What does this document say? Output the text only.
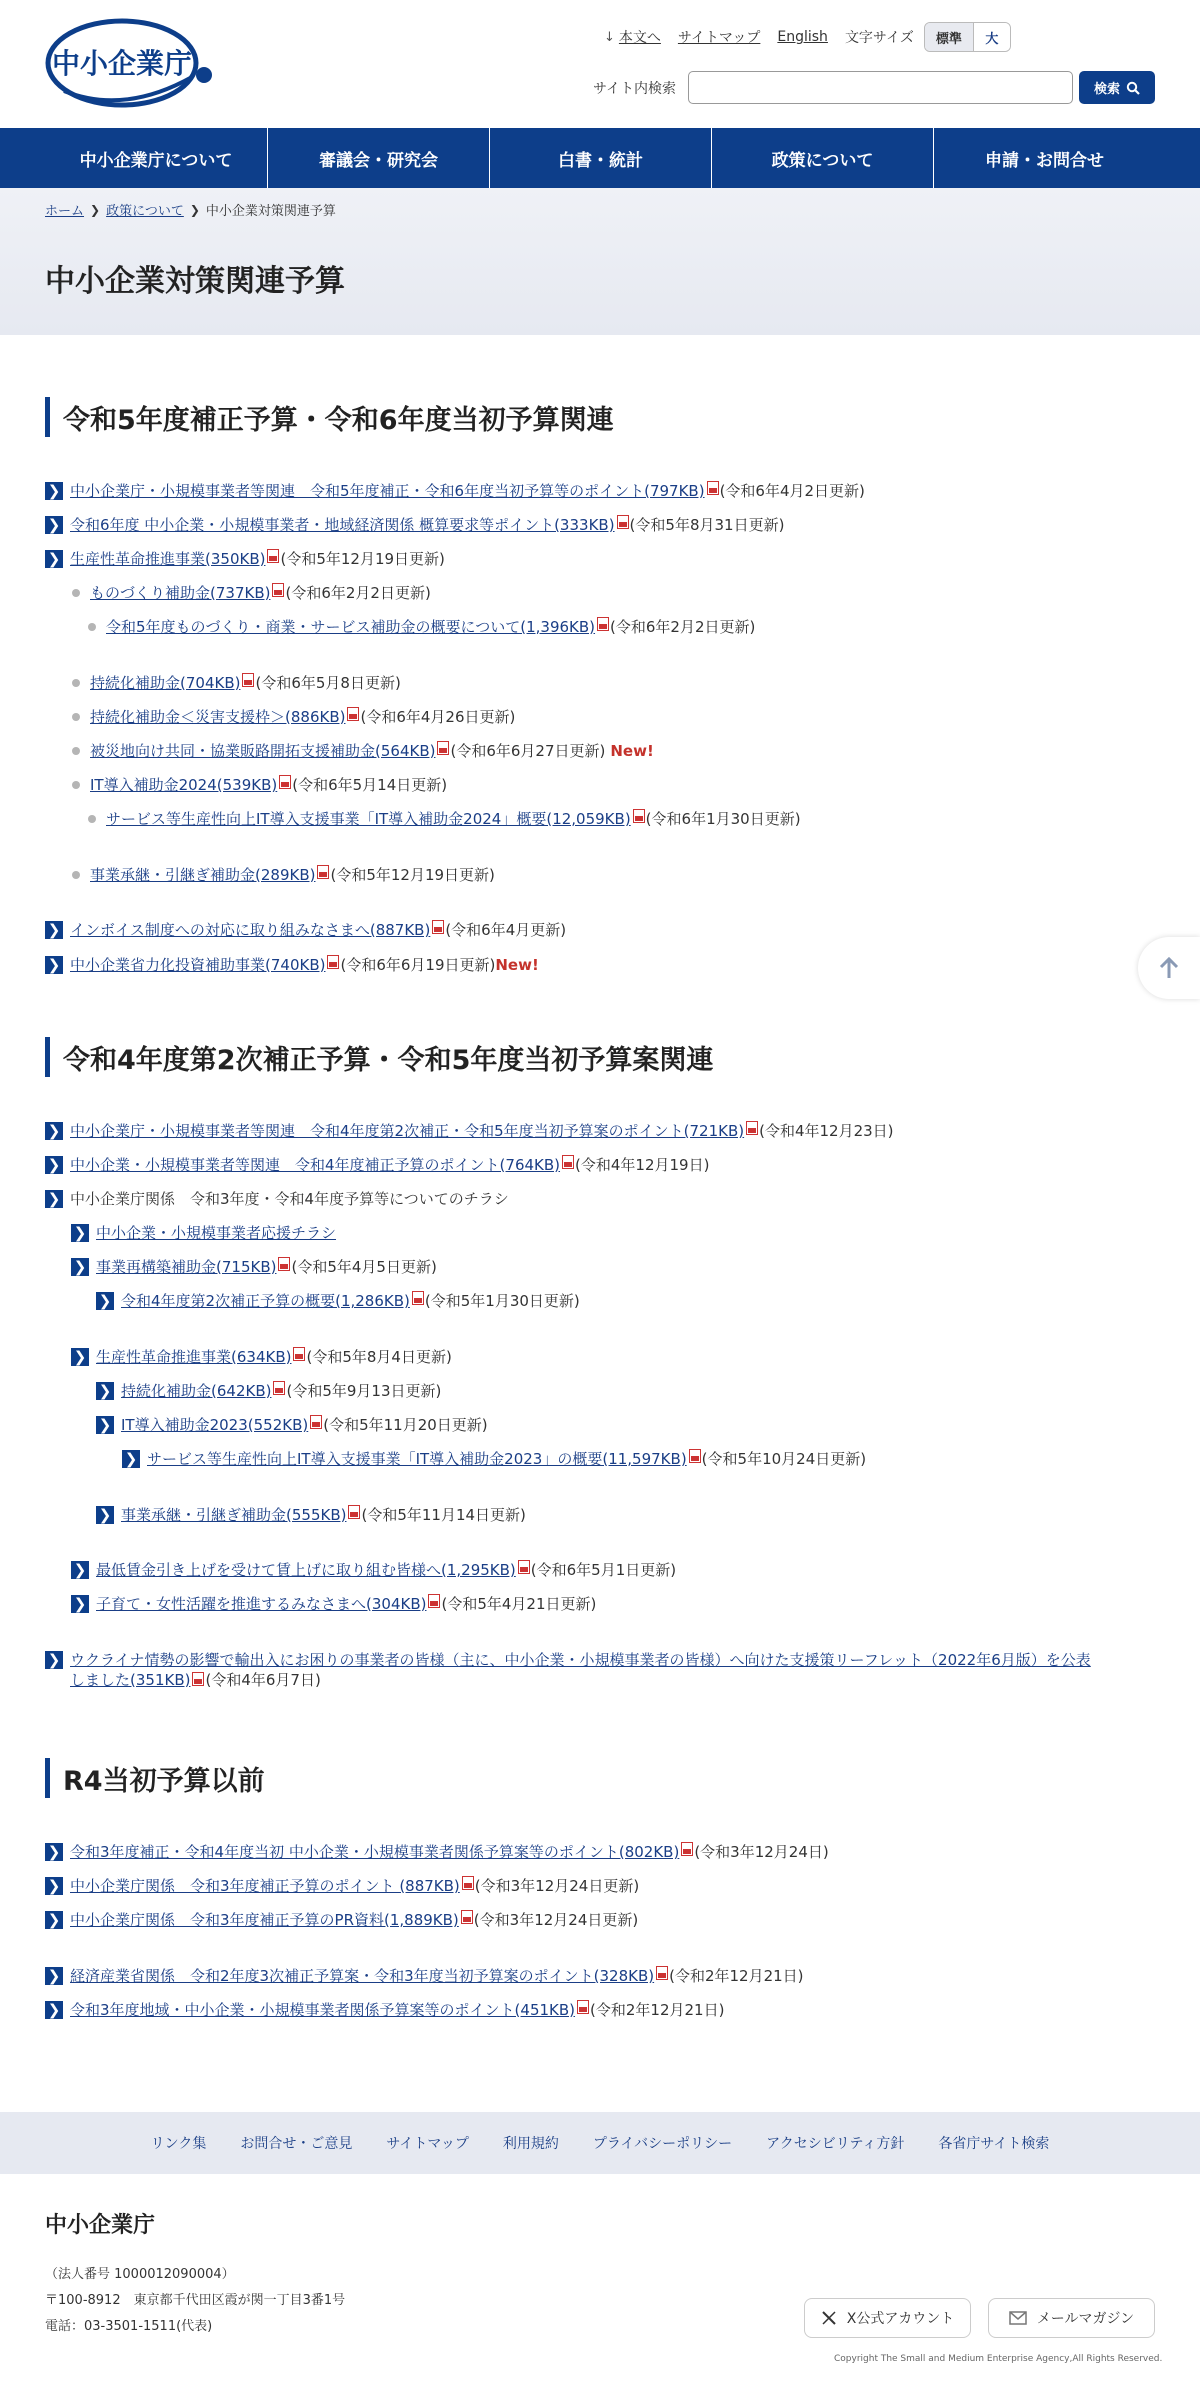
中小企業庁
↓ 本文へ サイトマップ English 文字サイズ	標準	大
サイト内検索	検索
中小企業庁について	審議会・研究会	白書・統計	政策について	申請・お問合せ
ホーム ❯ 政策について ❯ 中小企業対策関連予算
中小企業対策関連予算
令和5年度補正予算・令和6年度当初予算関連
❯ 中小企業庁・小規模事業者等関連　令和5年度補正・令和6年度当初予算等のポイント(797KB) (令和6年4月2日更新)
❯ 令和6年度 中小企業・小規模事業者・地域経済関係 概算要求等ポイント(333KB) (令和5年8月31日更新)
❯ 生産性革命推進事業(350KB) (令和5年12月19日更新)
ものづくり補助金(737KB) (令和6年2月2日更新)
令和5年度ものづくり・商業・サービス補助金の概要について(1,396KB) (令和6年2月2日更新)
持続化補助金(704KB) (令和6年5月8日更新)
持続化補助金＜災害支援枠＞(886KB) (令和6年4月26日更新)
被災地向け共同・協業販路開拓支援補助金(564KB) (令和6年6月27日更新) New!
IT導入補助金2024(539KB) (令和6年5月14日更新)
サービス等生産性向上IT導入支援事業「IT導入補助金2024」概要(12,059KB) (令和6年1月30日更新)
事業承継・引継ぎ補助金(289KB) (令和5年12月19日更新)
❯ インボイス制度への対応に取り組みなさまへ(887KB) (令和6年4月更新)
❯ 中小企業省力化投資補助事業(740KB) (令和6年6月19日更新) New!
令和4年度第2次補正予算・令和5年度当初予算案関連
❯ 中小企業庁・小規模事業者等関連　令和4年度第2次補正・令和5年度当初予算案のポイント(721KB) (令和4年12月23日)
❯ 中小企業・小規模事業者等関連　令和4年度補正予算のポイント(764KB) (令和4年12月19日)
❯ 中小企業庁関係　令和3年度・令和4年度予算等についてのチラシ
❯ 中小企業・小規模事業者応援チラシ
❯ 事業再構築補助金(715KB) (令和5年4月5日更新)
❯ 令和4年度第2次補正予算の概要(1,286KB) (令和5年1月30日更新)
❯ 生産性革命推進事業(634KB) (令和5年8月4日更新)
❯ 持続化補助金(642KB) (令和5年9月13日更新)
❯ IT導入補助金2023(552KB) (令和5年11月20日更新)
❯ サービス等生産性向上IT導入支援事業「IT導入補助金2023」の概要(11,597KB) (令和5年10月24日更新)
❯ 事業承継・引継ぎ補助金(555KB) (令和5年11月14日更新)
❯ 最低賃金引き上げを受けて賃上げに取り組む皆様へ(1,295KB) (令和6年5月1日更新)
❯ 子育て・女性活躍を推進するみなさまへ(304KB) (令和5年4月21日更新)
❯ ウクライナ情勢の影響で輸出入にお困りの事業者の皆様（主に、中小企業・小規模事業者の皆様）へ向けた支援策リーフレット（2022年6月版）を公表
しました(351KB) (令和4年6月7日)
R4当初予算以前
❯ 令和3年度補正・令和4年度当初 中小企業・小規模事業者関係予算案等のポイント(802KB) (令和3年12月24日)
❯ 中小企業庁関係　令和3年度補正予算のポイント (887KB) (令和3年12月24日更新)
❯ 中小企業庁関係　令和3年度補正予算のPR資料(1,889KB) (令和3年12月24日更新)
❯ 経済産業省関係　令和2年度3次補正予算案・令和3年度当初予算案のポイント(328KB) (令和2年12月21日)
❯ 令和3年度地域・中小企業・小規模事業者関係予算案等のポイント(451KB) (令和2年12月21日)
リンク集 お問合せ・ご意見 サイトマップ 利用規約 プライバシーポリシー アクセシビリティ方針 各省庁サイト検索
中小企業庁
（法人番号 1000012090004）
〒100-8912　東京都千代田区霞が関一丁目3番1号
電話：03-3501-1511(代表)	X公式アカウント	メールマガジン
Copyright The Small and Medium Enterprise Agency,All Rights Reserved.
